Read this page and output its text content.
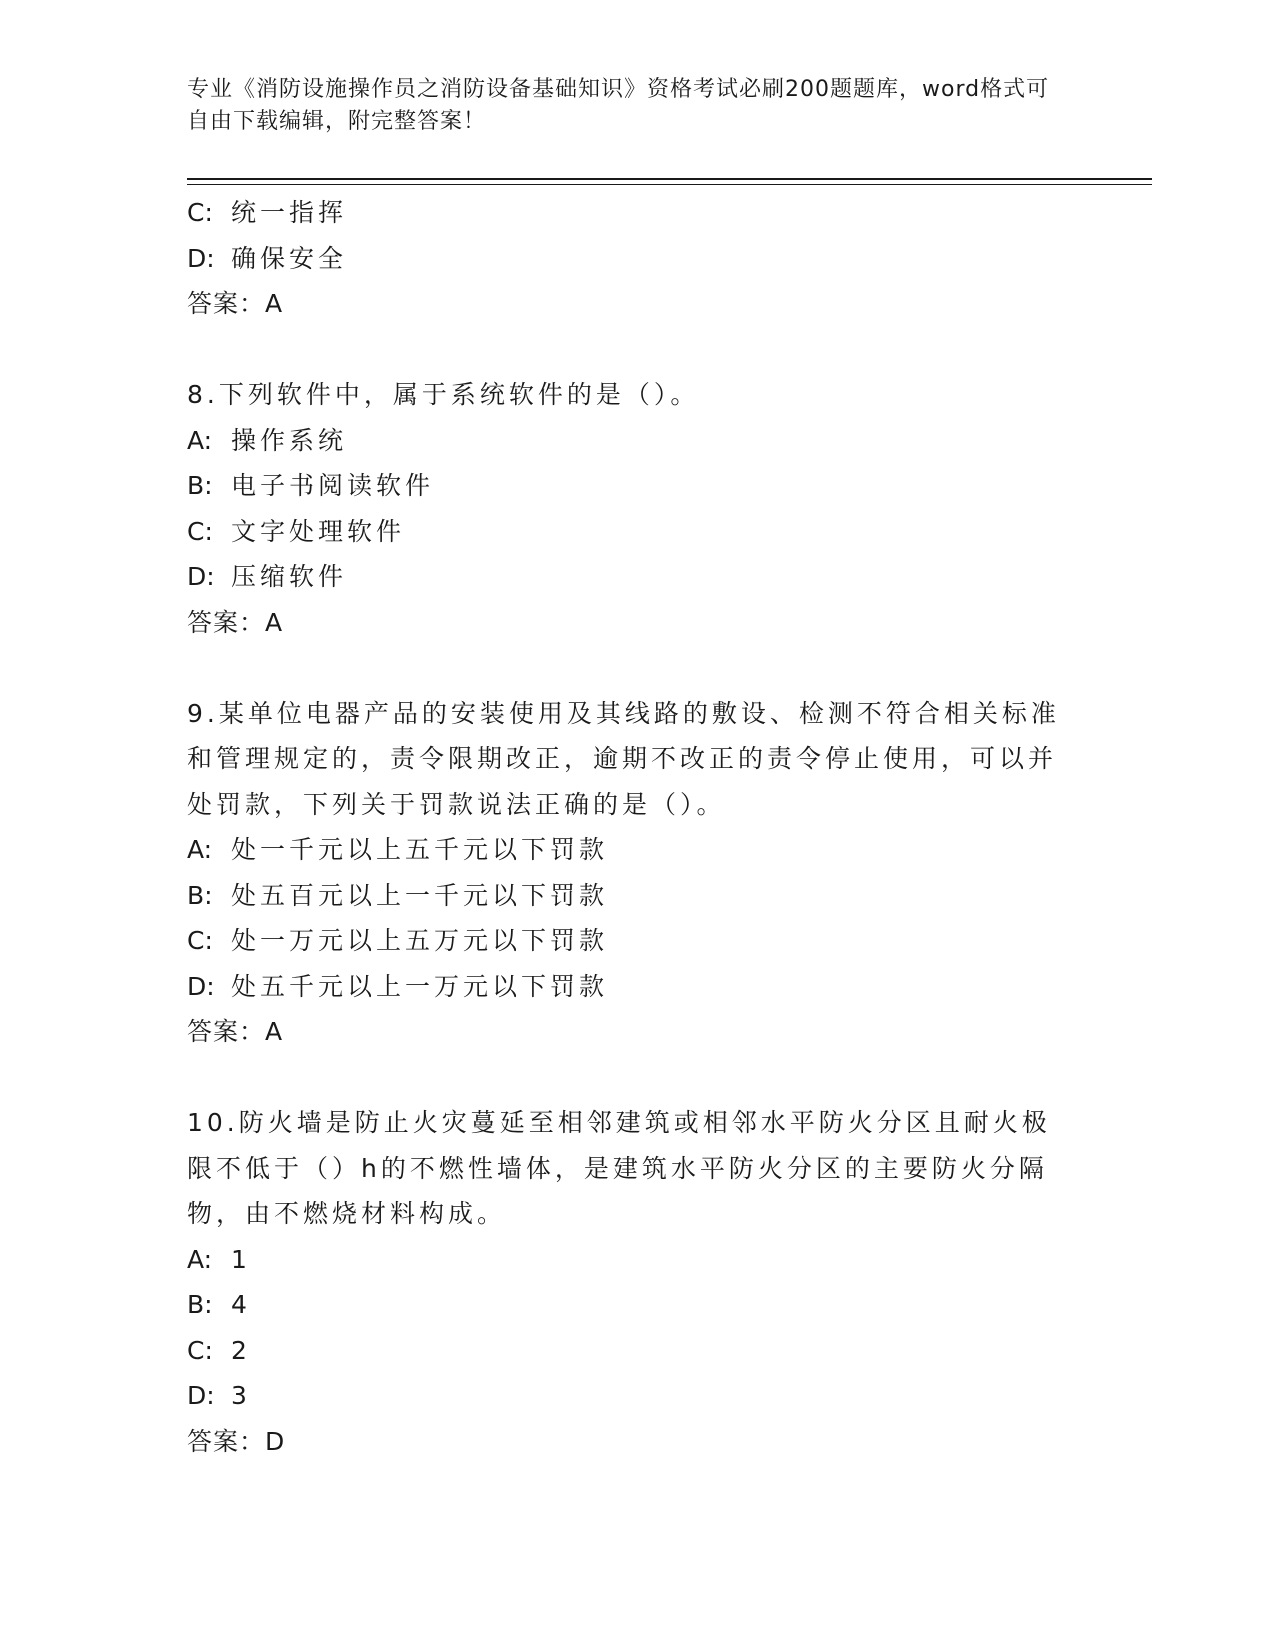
专业《消防设施操作员之消防设备基础知识》资格考试必刷200题题库，word格式可自由下载编辑，附完整答案！
C: 统一指挥
D: 确保安全
答案：A
8.下列软件中，属于系统软件的是（）。
A: 操作系统
B: 电子书阅读软件
C: 文字处理软件
D: 压缩软件
答案：A
9.某单位电器产品的安装使用及其线路的敷设、检测不符合相关标准和管理规定的，责令限期改正，逾期不改正的责令停止使用，可以并处罚款，下列关于罚款说法正确的是（）。
A: 处一千元以上五千元以下罚款
B: 处五百元以上一千元以下罚款
C: 处一万元以上五万元以下罚款
D: 处五千元以上一万元以下罚款
答案：A
10.防火墙是防止火灾蔓延至相邻建筑或相邻水平防火分区且耐火极限不低于（）h的不燃性墙体，是建筑水平防火分区的主要防火分隔物，由不燃烧材料构成。
A: 1
B: 4
C: 2
D: 3
答案：D
